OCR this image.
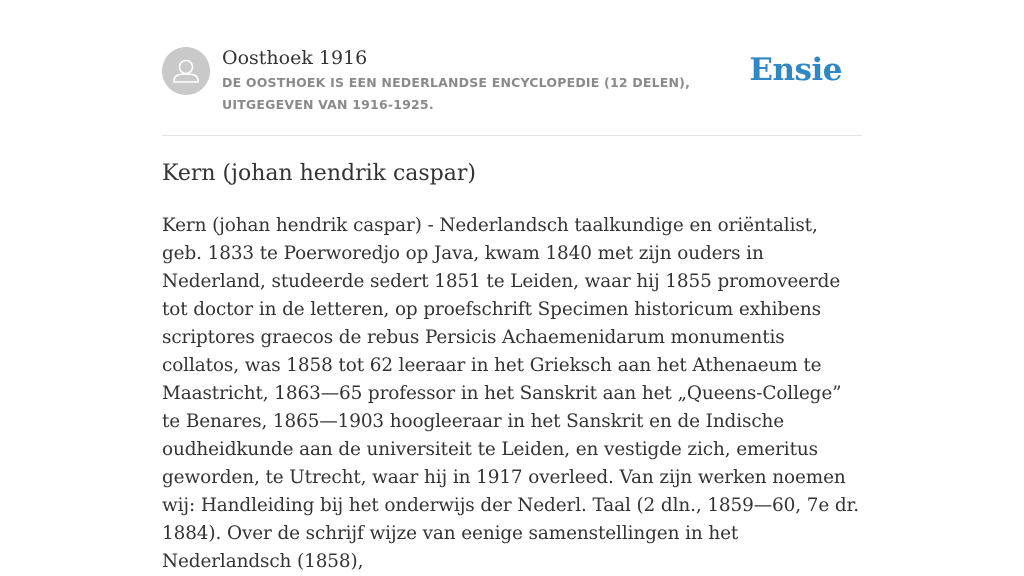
Oosthoek 1916
DE OOSTHOEK IS EEN NEDERLANDSE ENCYCLOPEDIE (12 DELEN), UITGEGEVEN VAN 1916-1925.
Ensie
Kern (johan hendrik caspar)

Kern (johan hendrik caspar) - Nederlandsch taalkundige en oriëntalist, geb. 1833 te Poerworedjo op Java, kwam 1840 met zijn ouders in Nederland, studeerde sedert 1851 te Leiden, waar hij 1855 promoveerde tot doctor in de letteren, op proefschrift Specimen historicum exhibens scriptores graecos de rebus Persicis Achaemenidarum monumentis collatos, was 1858 tot 62 leeraar in het Grieksch aan het Athenaeum te Maastricht, 1863—65 professor in het Sanskrit aan het „Queens-College” te Benares, 1865—1903 hoogleeraar in het Sanskrit en de Indische oudheidkunde aan de universiteit te Leiden, en vestigde zich, emeritus geworden, te Utrecht, waar hij in 1917 overleed. Van zijn werken noemen wij: Handleiding bij het onderwijs der Nederl. Taal (2 dln., 1859—60, 7e dr. 1884). Over de schrijf wijze van eenige samenstellingen in het Nederlandsch (1858),
